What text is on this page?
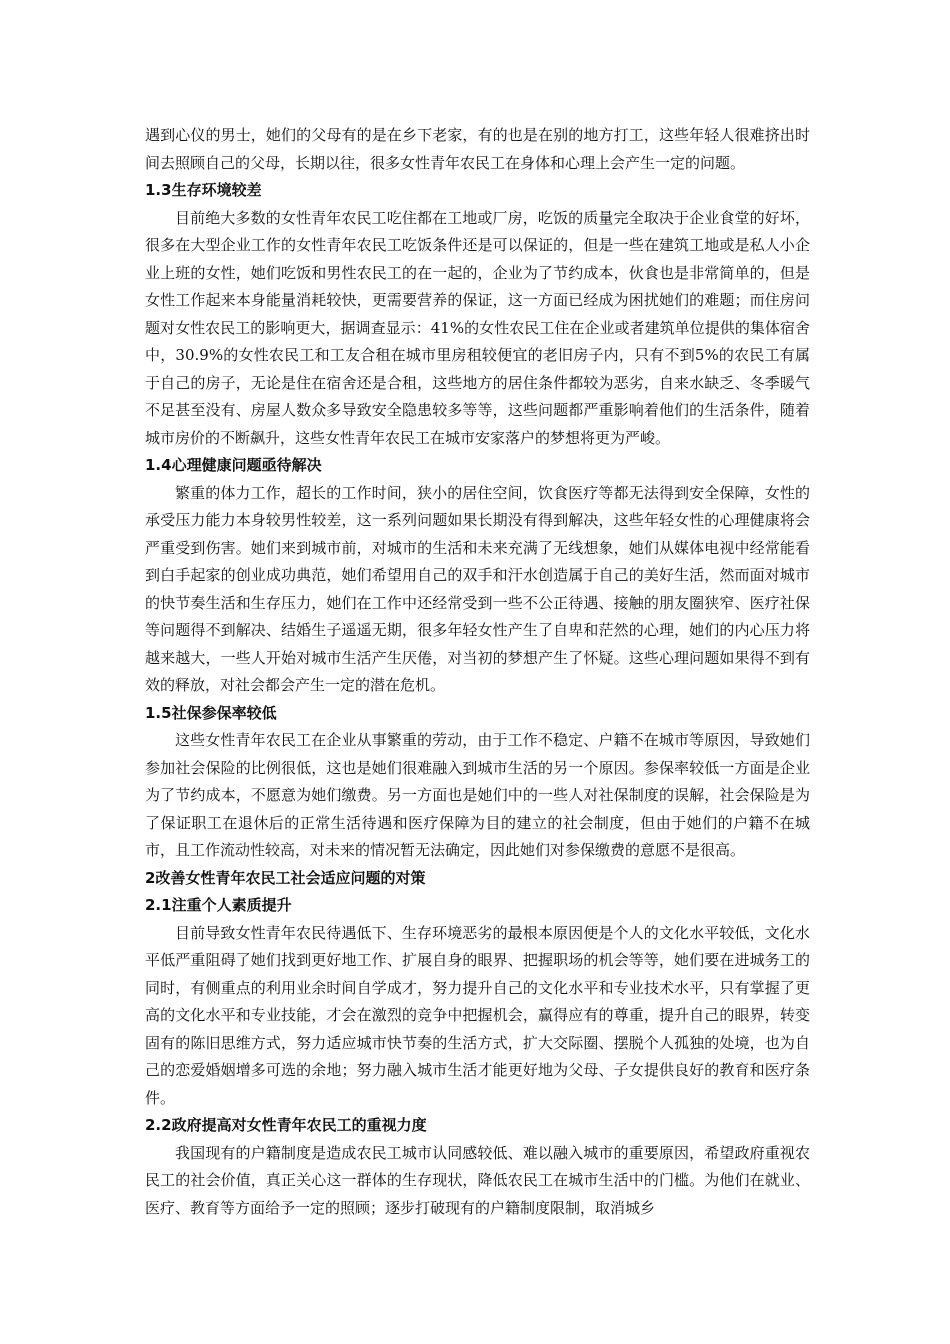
遇到心仪的男士，她们的父母有的是在乡下老家，有的也是在别的地方打工，这些年轻人很难挤出时间去照顾自己的父母，长期以往，很多女性青年农民工在身体和心理上会产生一定的问题。

1.3生存环境较差

目前绝大多数的女性青年农民工吃住都在工地或厂房，吃饭的质量完全取决于企业食堂的好坏，很多在大型企业工作的女性青年农民工吃饭条件还是可以保证的，但是一些在建筑工地或是私人小企业上班的女性，她们吃饭和男性农民工的在一起的，企业为了节约成本，伙食也是非常简单的，但是女性工作起来本身能量消耗较快，更需要营养的保证，这一方面已经成为困扰她们的难题；而住房问题对女性农民工的影响更大，据调查显示：41%的女性农民工住在企业或者建筑单位提供的集体宿舍中，30.9%的女性农民工和工友合租在城市里房租较便宜的老旧房子内，只有不到5%的农民工有属于自己的房子，无论是住在宿舍还是合租，这些地方的居住条件都较为恶劣，自来水缺乏、冬季暖气不足甚至没有、房屋人数众多导致安全隐患较多等等，这些问题都严重影响着他们的生活条件，随着城市房价的不断飙升，这些女性青年农民工在城市安家落户的梦想将更为严峻。

1.4心理健康问题亟待解决

繁重的体力工作，超长的工作时间，狭小的居住空间，饮食医疗等都无法得到安全保障，女性的承受压力能力本身较男性较差，这一系列问题如果长期没有得到解决，这些年轻女性的心理健康将会严重受到伤害。她们来到城市前，对城市的生活和未来充满了无线想象，她们从媒体电视中经常能看到白手起家的创业成功典范，她们希望用自己的双手和汗水创造属于自己的美好生活，然而面对城市的快节奏生活和生存压力，她们在工作中还经常受到一些不公正待遇、接触的朋友圈狭窄、医疗社保等问题得不到解决、结婚生子遥遥无期，很多年轻女性产生了自卑和茫然的心理，她们的内心压力将越来越大，一些人开始对城市生活产生厌倦，对当初的梦想产生了怀疑。这些心理问题如果得不到有效的释放，对社会都会产生一定的潜在危机。

1.5社保参保率较低

这些女性青年农民工在企业从事繁重的劳动，由于工作不稳定、户籍不在城市等原因，导致她们参加社会保险的比例很低，这也是她们很难融入到城市生活的另一个原因。参保率较低一方面是企业为了节约成本，不愿意为她们缴费。另一方面也是她们中的一些人对社保制度的误解，社会保险是为了保证职工在退休后的正常生活待遇和医疗保障为目的建立的社会制度，但由于她们的户籍不在城市，且工作流动性较高，对未来的情况暂无法确定，因此她们对参保缴费的意愿不是很高。

2改善女性青年农民工社会适应问题的对策
2.1注重个人素质提升

目前导致女性青年农民待遇低下、生存环境恶劣的最根本原因便是个人的文化水平较低，文化水平低严重阻碍了她们找到更好地工作、扩展自身的眼界、把握职场的机会等等，她们要在进城务工的同时，有侧重点的利用业余时间自学成才，努力提升自己的文化水平和专业技术水平，只有掌握了更高的文化水平和专业技能，才会在激烈的竞争中把握机会，赢得应有的尊重，提升自己的眼界，转变固有的陈旧思维方式，努力适应城市快节奏的生活方式，扩大交际圈、摆脱个人孤独的处境，也为自己的恋爱婚姻增多可选的余地；努力融入城市生活才能更好地为父母、子女提供良好的教育和医疗条件。

2.2政府提高对女性青年农民工的重视力度

我国现有的户籍制度是造成农民工城市认同感较低、难以融入城市的重要原因，希望政府重视农民工的社会价值，真正关心这一群体的生存现状，降低农民工在城市生活中的门槛。为他们在就业、医疗、教育等方面给予一定的照顾；逐步打破现有的户籍制度限制，取消城乡
